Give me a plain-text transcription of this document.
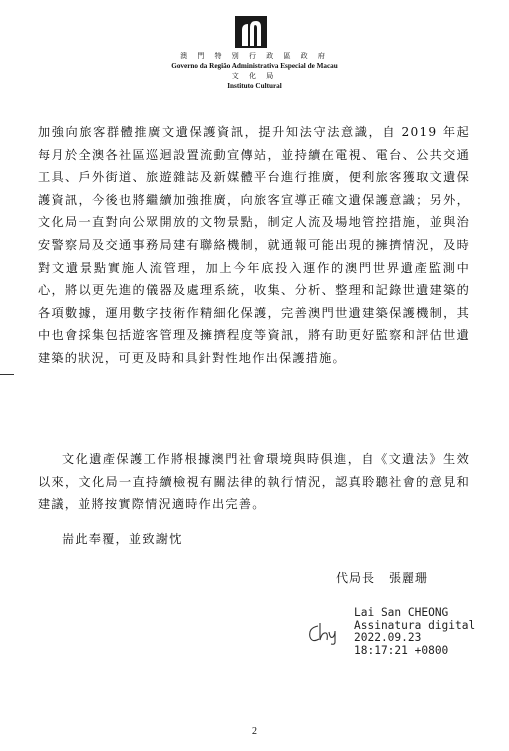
澳 門 特 別 行 政 區 政 府
Governo da Região Administrativa Especial de Macau
文 化 局
Instituto Cultural
加強向旅客群體推廣文遺保護資訊，提升知法守法意識，自 2019 年起每月於全澳各社區巡迴設置流動宣傳站，並持續在電視、電台、公共交通工具、戶外街道、旅遊雜誌及新媒體平台進行推廣，便利旅客獲取文遺保護資訊，今後也將繼續加強推廣，向旅客宣導正確文遺保護意識；另外，文化局一直對向公眾開放的文物景點，制定人流及場地管控措施，並與治安警察局及交通事務局建有聯絡機制，就通報可能出現的擁擠情況，及時對文遺景點實施人流管理，加上今年底投入運作的澳門世界遺產監測中心，將以更先進的儀器及處理系統，收集、分析、整理和記錄世遺建築的各項數據，運用數字技術作精細化保護，完善澳門世遺建築保護機制，其中也會採集包括遊客管理及擁擠程度等資訊，將有助更好監察和評估世遺建築的狀況，可更及時和具針對性地作出保護措施。
文化遺產保護工作將根據澳門社會環境與時俱進，自《文遺法》生效以來，文化局一直持續檢視有關法律的執行情況，認真聆聽社會的意見和建議，並將按實際情況適時作出完善。
耑此奉覆，並致謝忱
代局長 張麗珊
Lai San CHEONG
Assinatura digital
2022.09.23
18:17:21 +0800
2
